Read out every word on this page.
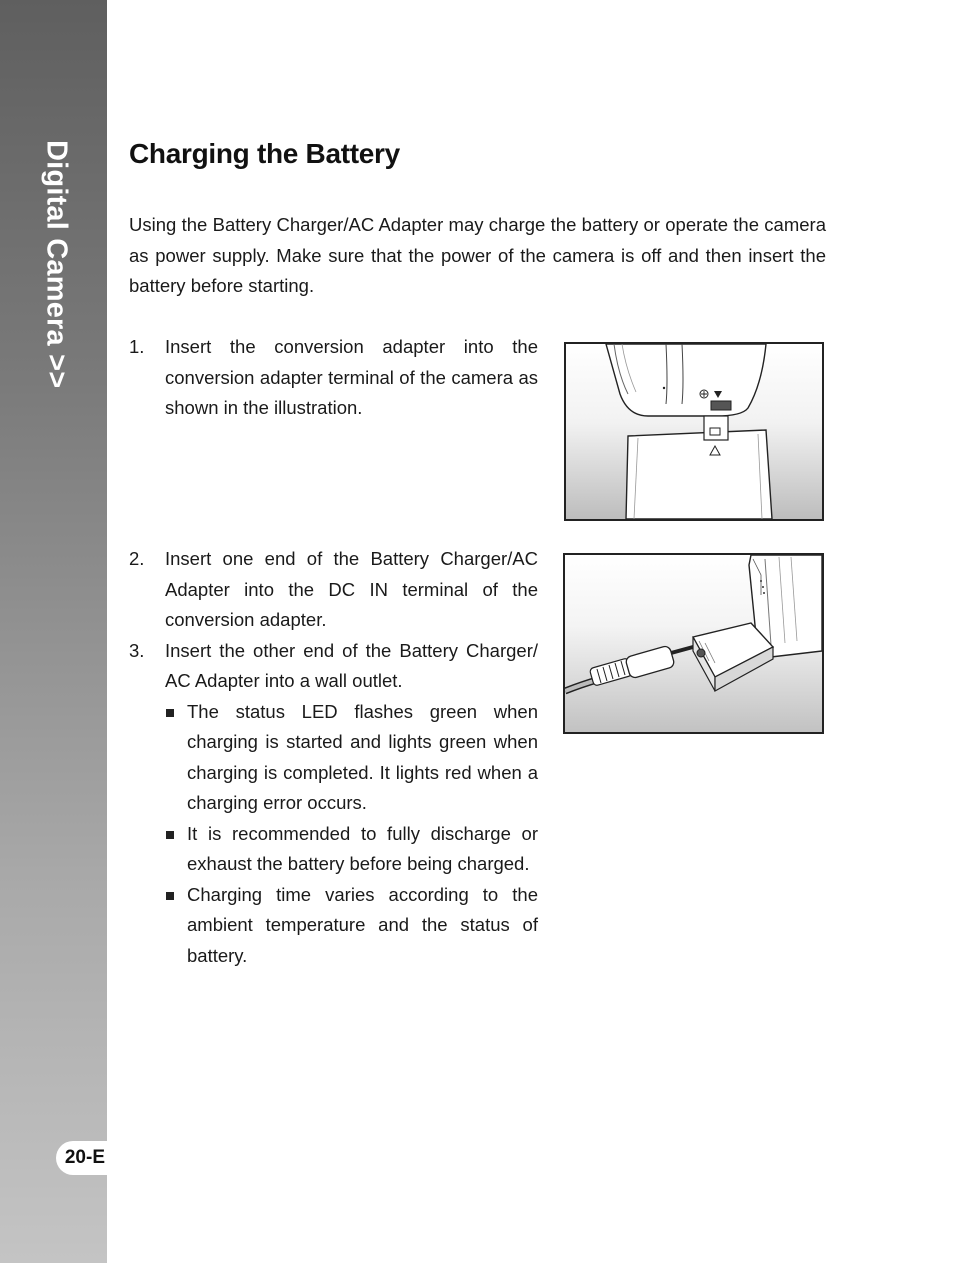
Digital Camera >>
20-E
Charging the Battery

Using the Battery Charger/AC Adapter may charge the battery or operate the camera as power supply. Make sure that the power of the camera is off and then insert the battery before starting.

1. Insert the conversion adapter into the conversion adapter terminal of the camera as shown in the illustration.
2. Insert one end of the Battery Charger/AC Adapter into the DC IN terminal of the conversion adapter.
3. Insert the other end of the Battery Charger/ AC Adapter into a wall outlet.
The status LED flashes green when charging is started and lights green when charging is completed. It lights red when a charging error occurs.
It is recommended to fully discharge or exhaust the battery before being charged.
Charging time varies according to the ambient temperature and the status of battery.
